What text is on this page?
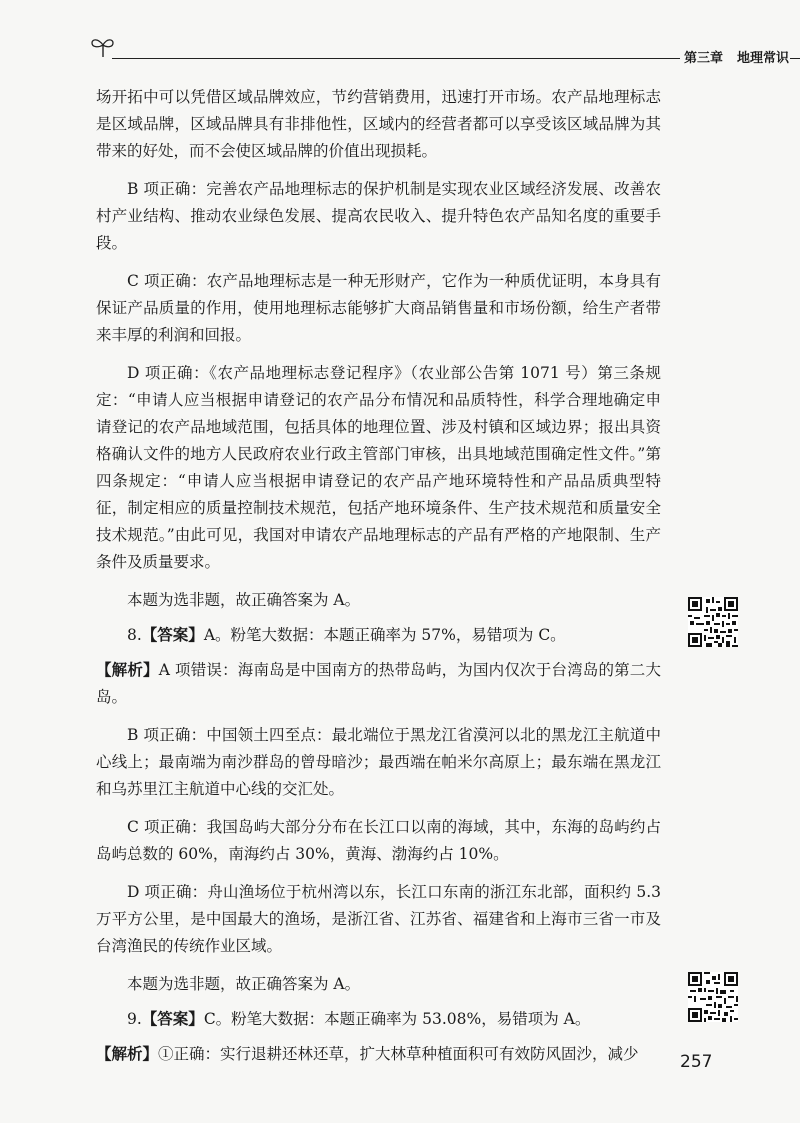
第三章 地理常识

场开拓中可以凭借区域品牌效应，节约营销费用，迅速打开市场。农产品地理标志是区域品牌，区域品牌具有非排他性，区域内的经营者都可以享受该区域品牌为其带来的好处，而不会使区域品牌的价值出现损耗。

B 项正确：完善农产品地理标志的保护机制是实现农业区域经济发展、改善农村产业结构、推动农业绿色发展、提高农民收入、提升特色农产品知名度的重要手段。

C 项正确：农产品地理标志是一种无形财产，它作为一种质优证明，本身具有保证产品质量的作用，使用地理标志能够扩大商品销售量和市场份额，给生产者带来丰厚的利润和回报。

D 项正确：《农产品地理标志登记程序》（农业部公告第 1071 号）第三条规定：“申请人应当根据申请登记的农产品分布情况和品质特性，科学合理地确定申请登记的农产品地域范围，包括具体的地理位置、涉及村镇和区域边界；报出具资格确认文件的地方人民政府农业行政主管部门审核，出具地域范围确定性文件。”第四条规定：“申请人应当根据申请登记的农产品产地环境特性和产品品质典型特征，制定相应的质量控制技术规范，包括产地环境条件、生产技术规范和质量安全技术规范。”由此可见，我国对申请农产品地理标志的产品有严格的产地限制、生产条件及质量要求。

本题为选非题，故正确答案为 A。

8.【答案】A。粉笔大数据：本题正确率为 57%，易错项为 C。

【解析】A 项错误：海南岛是中国南方的热带岛屿，为国内仅次于台湾岛的第二大岛。

B 项正确：中国领土四至点：最北端位于黑龙江省漠河以北的黑龙江主航道中心线上；最南端为南沙群岛的曾母暗沙；最西端在帕米尔高原上；最东端在黑龙江和乌苏里江主航道中心线的交汇处。

C 项正确：我国岛屿大部分分布在长江口以南的海域，其中，东海的岛屿约占岛屿总数的 60%，南海约占 30%，黄海、渤海约占 10%。

D 项正确：舟山渔场位于杭州湾以东，长江口东南的浙江东北部，面积约 5.3 万平方公里，是中国最大的渔场，是浙江省、江苏省、福建省和上海市三省一市及台湾渔民的传统作业区域。

本题为选非题，故正确答案为 A。

9.【答案】C。粉笔大数据：本题正确率为 53.08%，易错项为 A。

【解析】①正确：实行退耕还林还草，扩大林草种植面积可有效防风固沙，减少	257
